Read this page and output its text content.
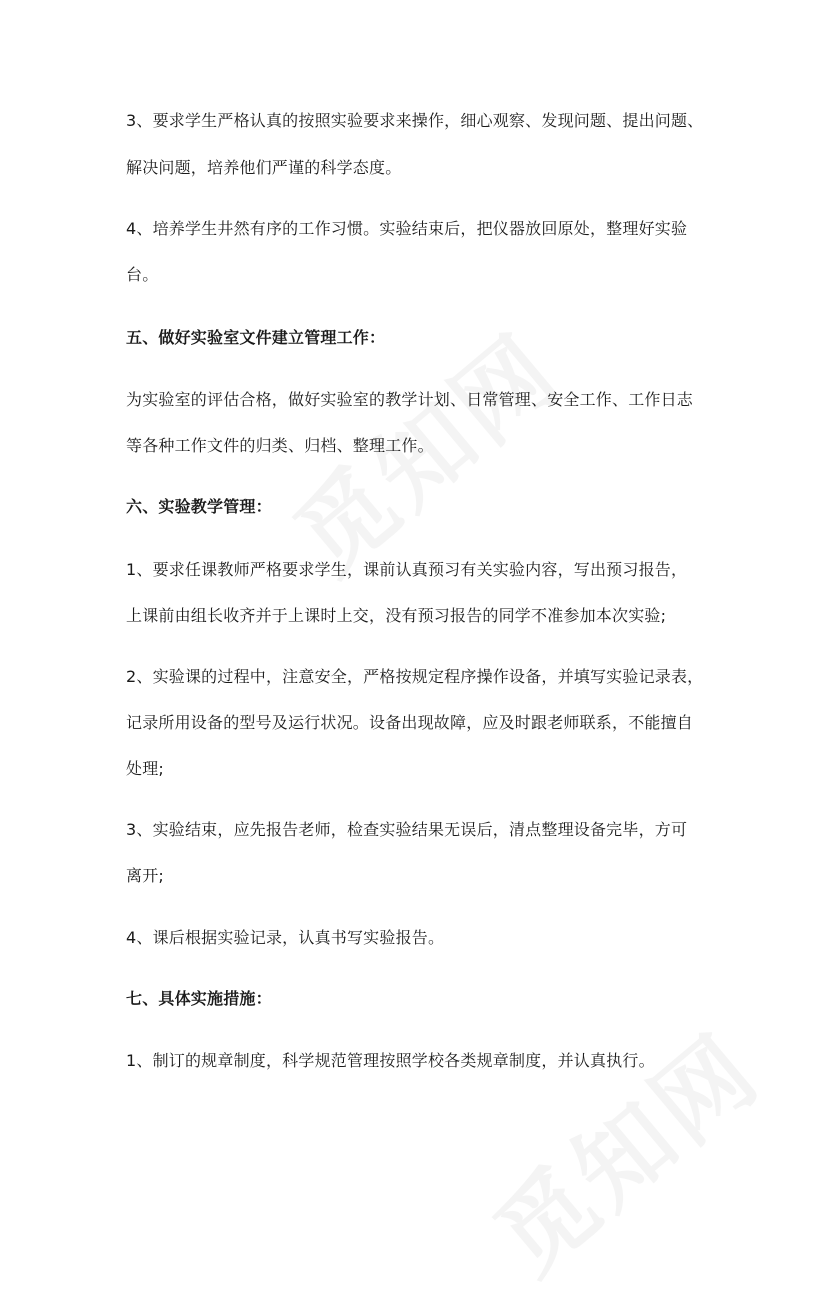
3、要求学生严格认真的按照实验要求来操作，细心观察、发现问题、提出问题、
解决问题，培养他们严谨的科学态度。
4、培养学生井然有序的工作习惯。实验结束后，把仪器放回原处，整理好实验
台。
五、做好实验室文件建立管理工作：
为实验室的评估合格，做好实验室的教学计划、日常管理、安全工作、工作日志
等各种工作文件的归类、归档、整理工作。
六、实验教学管理：
1、要求任课教师严格要求学生，课前认真预习有关实验内容，写出预习报告，
上课前由组长收齐并于上课时上交，没有预习报告的同学不准参加本次实验;
2、实验课的过程中，注意安全，严格按规定程序操作设备，并填写实验记录表，
记录所用设备的型号及运行状况。设备出现故障，应及时跟老师联系，不能擅自
处理;
3、实验结束，应先报告老师，检查实验结果无误后，清点整理设备完毕，方可
离开;
4、课后根据实验记录，认真书写实验报告。
七、具体实施措施：
1、制订的规章制度，科学规范管理按照学校各类规章制度，并认真执行。
